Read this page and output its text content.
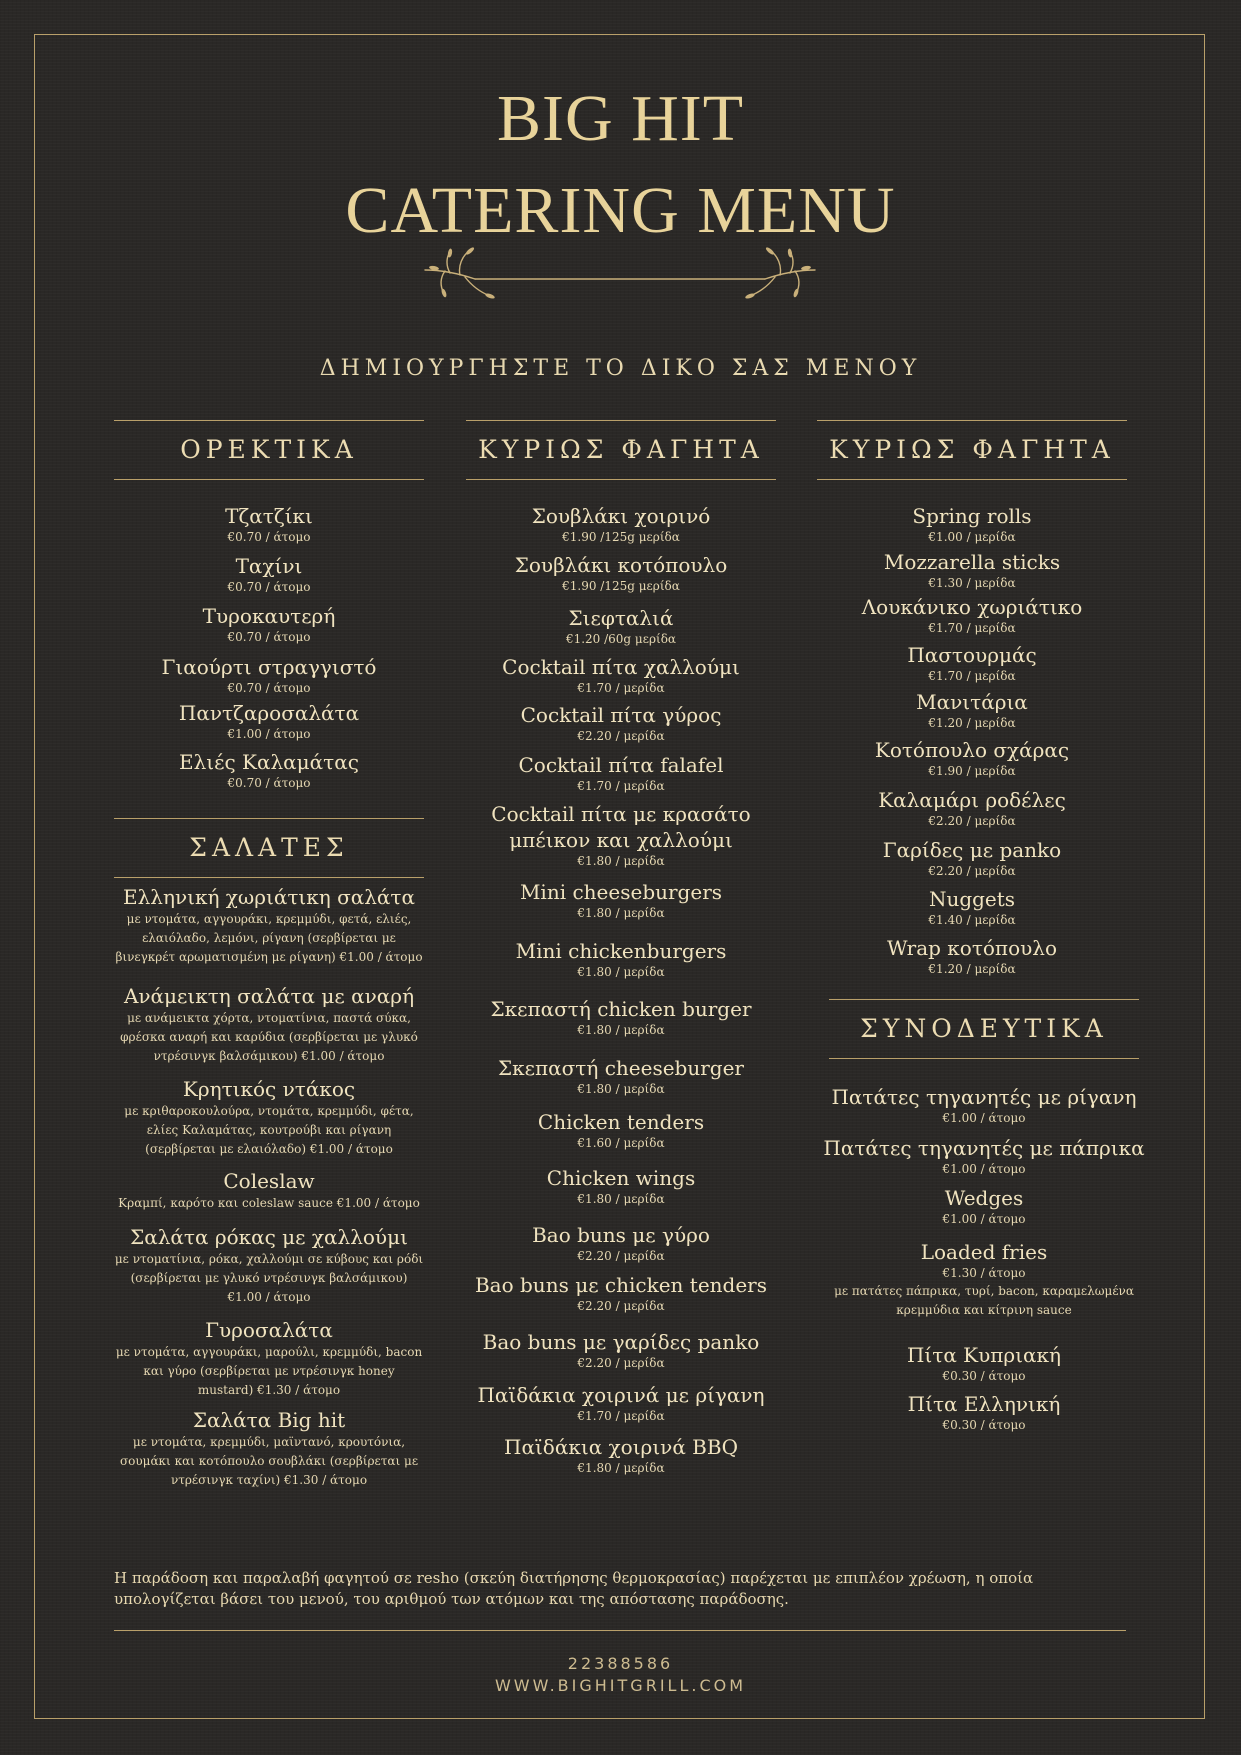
BIG HIT
CATERING MENU
ΔΗΜΙΟΥΡΓΗΣΤΕ ΤΟ ΔΙΚΟ ΣΑΣ ΜΕΝΟΥ
ΟΡΕΚΤΙΚΑ
ΣΑΛΑΤΕΣ
ΚΥΡΙΩΣ ΦΑΓΗΤΑ	ΚΥΡΙΩΣ ΦΑΓΗΤΑ
ΣΥΝΟΔΕΥΤΙΚΑ
Τζατζίκι
€0.70 / άτομο
Ταχίνι
€0.70 / άτομο
Τυροκαυτερή
€0.70 / άτομο
Γιαούρτι στραγγιστό
€0.70 / άτομο
Παντζαροσαλάτα
€1.00 / άτομο
Ελιές Καλαμάτας
€0.70 / άτομο
Ελληνική χωριάτικη σαλάτα
με ντομάτα, αγγουράκι, κρεμμύδι, φετά, ελιές, ελαιόλαδο, λεμόνι, ρίγανη (σερβίρεται με βινεγκρέτ αρωματισμένη με ρίγανη) €1.00 / άτομο
Ανάμεικτη σαλάτα με αναρή
με ανάμεικτα χόρτα, ντοματίνια, παστά σύκα, φρέσκα αναρή και καρύδια (σερβίρεται με γλυκό ντρέσινγκ βαλσάμικου) €1.00 / άτομο
Κρητικός ντάκος
με κριθαροκουλούρα, ντομάτα, κρεμμύδι, φέτα, ελίες Καλαμάτας, κουτρούβι και ρίγανη (σερβίρεται με ελαιόλαδο) €1.00 / άτομο
Coleslaw
Κραμπί, καρότο και coleslaw sauce €1.00 / άτομο
Σαλάτα ρόκας με χαλλούμι
με ντοματίνια, ρόκα, χαλλούμι σε κύβους και ρόδι (σερβίρεται με γλυκό ντρέσινγκ βαλσάμικου) €1.00 / άτομο
Γυροσαλάτα
με ντομάτα, αγγουράκι, μαρούλι, κρεμμύδι, bacon και γύρο (σερβίρεται με ντρέσινγκ honey mustard) €1.30 / άτομο
Σαλάτα Big hit
με ντομάτα, κρεμμύδι, μαϊντανό, κρουτόνια, σουμάκι και κοτόπουλο σουβλάκι (σερβίρεται με ντρέσινγκ ταχίνι) €1.30 / άτομο
Σουβλάκι χοιρινό
€1.90 /125g μερίδα
Σουβλάκι κοτόπουλο
€1.90 /125g μερίδα
Σιεφταλιά
€1.20 /60g μερίδα
Cocktail πίτα χαλλούμι
€1.70 / μερίδα
Cocktail πίτα γύρος
€2.20 / μερίδα
Cocktail πίτα falafel
€1.70 / μερίδα
Cocktail πίτα με κρασάτο μπέικον και χαλλούμι
€1.80 / μερίδα
Mini cheeseburgers
€1.80 / μερίδα
Mini chickenburgers
€1.80 / μερίδα
Σκεπαστή chicken burger
€1.80 / μερίδα
Σκεπαστή cheeseburger
€1.80 / μερίδα
Chicken tenders
€1.60 / μερίδα
Chicken wings
€1.80 / μερίδα
Bao buns με γύρο
€2.20 / μερίδα
Bao buns με chicken tenders
€2.20 / μερίδα
Bao buns με γαρίδες panko
€2.20 / μερίδα
Παϊδάκια χοιρινά με ρίγανη
€1.70 / μερίδα
Παϊδάκια χοιρινά BBQ
€1.80 / μερίδα
Spring rolls
€1.00 / μερίδα
Mozzarella sticks
€1.30 / μερίδα
Λουκάνικο χωριάτικο
€1.70 / μερίδα
Παστουρμάς
€1.70 / μερίδα
Μανιτάρια
€1.20 / μερίδα
Κοτόπουλο σχάρας
€1.90 / μερίδα
Καλαμάρι ροδέλες
€2.20 / μερίδα
Γαρίδες με panko
€2.20 / μερίδα
Nuggets
€1.40 / μερίδα
Wrap κοτόπουλο
€1.20 / μερίδα
Πατάτες τηγανητές με ρίγανη
€1.00 / άτομο
Πατάτες τηγανητές με πάπρικα
€1.00 / άτομο
Wedges
€1.00 / άτομο
Loaded fries
€1.30 / άτομο
με πατάτες πάπρικα, τυρί, bacon, καραμελωμένα κρεμμύδια και κίτρινη sauce
Πίτα Κυπριακή
€0.30 / άτομο
Πίτα Ελληνική
€0.30 / άτομο
Η παράδοση και παραλαβή φαγητού σε resho (σκεύη διατήρησης θερμοκρασίας) παρέχεται με επιπλέον χρέωση, η οποία υπολογίζεται βάσει του μενού, του αριθμού των ατόμων και της απόστασης παράδοσης.
22388586
WWW.BIGHITGRILL.COM
